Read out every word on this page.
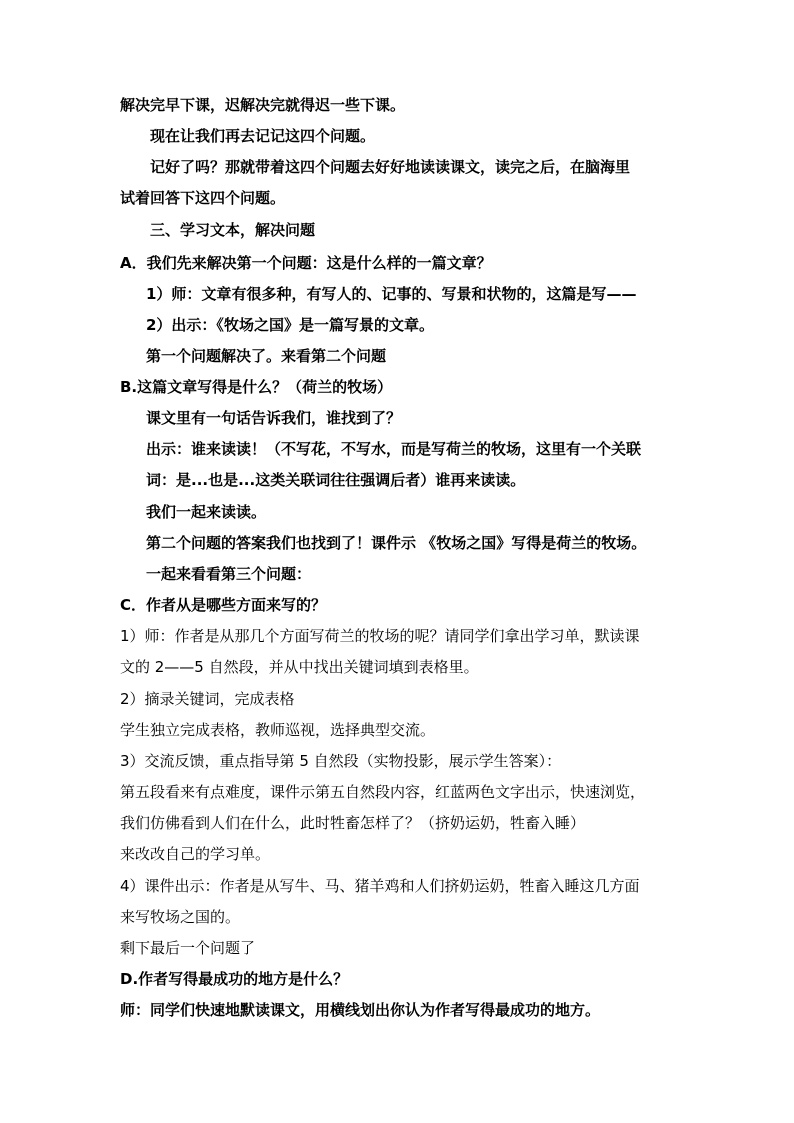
解决完早下课，迟解决完就得迟一些下课。
现在让我们再去记记这四个问题。
记好了吗？那就带着这四个问题去好好地读读课文，读完之后，在脑海里
试着回答下这四个问题。
三、学习文本，解决问题
A．我们先来解决第一个问题：这是什么样的一篇文章？
1）师：文章有很多种，有写人的、记事的、写景和状物的，这篇是写——
2）出示：《牧场之国》是一篇写景的文章。
第一个问题解决了。来看第二个问题
B.这篇文章写得是什么？（荷兰的牧场）
课文里有一句话告诉我们，谁找到了？
出示：谁来读读！（不写花，不写水，而是写荷兰的牧场，这里有一个关联
词：是...也是...这类关联词往往强调后者）谁再来读读。
我们一起来读读。
第二个问题的答案我们也找到了！课件示 《牧场之国》写得是荷兰的牧场。
一起来看看第三个问题：
C．作者从是哪些方面来写的？
1）师：作者是从那几个方面写荷兰的牧场的呢？请同学们拿出学习单，默读课
文的 2——5 自然段，并从中找出关键词填到表格里。
2）摘录关键词，完成表格
学生独立完成表格，教师巡视，选择典型交流。
3）交流反馈，重点指导第 5 自然段（实物投影，展示学生答案）：
第五段看来有点难度，课件示第五自然段内容，红蓝两色文字出示，快速浏览，
我们仿佛看到人们在什么，此时牲畜怎样了？（挤奶运奶，牲畜入睡）
来改改自己的学习单。
4）课件出示：作者是从写牛、马、猪羊鸡和人们挤奶运奶，牲畜入睡这几方面
来写牧场之国的。
剩下最后一个问题了
D.作者写得最成功的地方是什么？
师：同学们快速地默读课文，用横线划出你认为作者写得最成功的地方。
